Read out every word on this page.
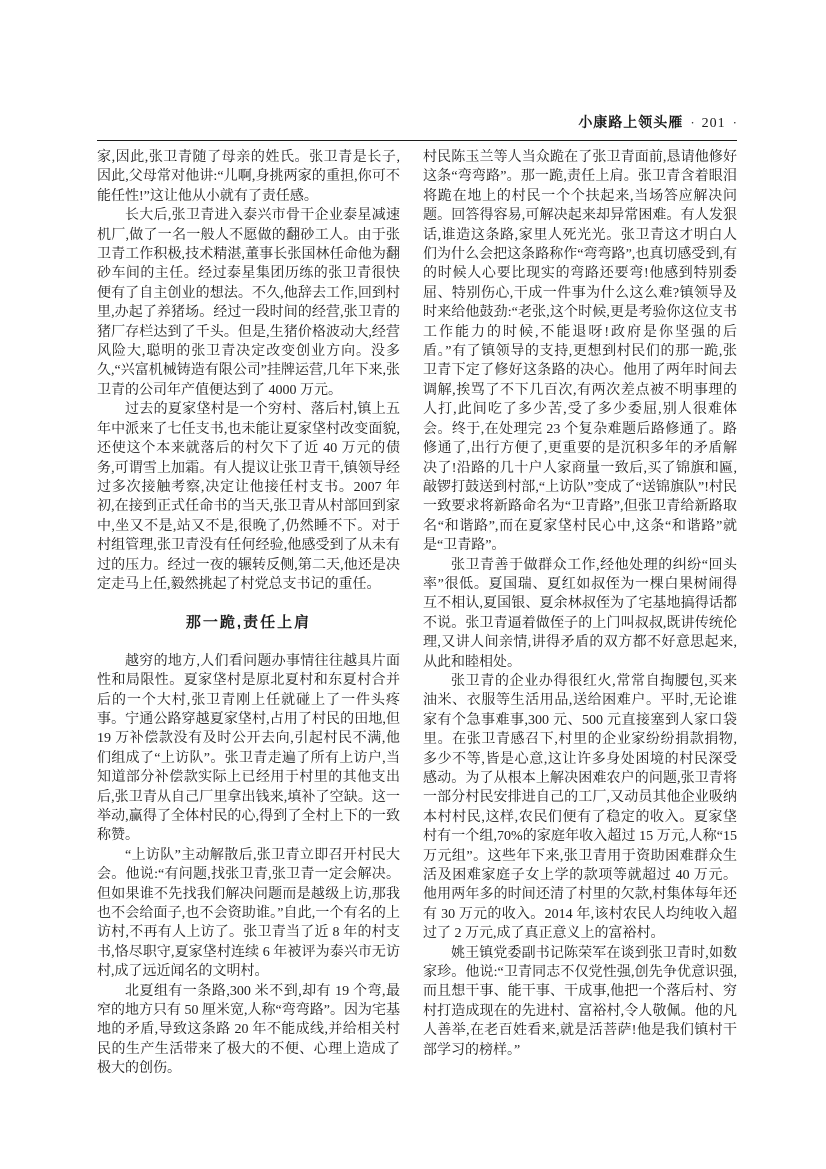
小康路上领头雁 · 201 ·

家,因此,张卫青随了母亲的姓氏。张卫青是长子,因此,父母常对他讲:“儿啊,身挑两家的重担,你可不能任性!”这让他从小就有了责任感。

长大后,张卫青进入泰兴市骨干企业泰星减速机厂,做了一名一般人不愿做的翻砂工人。由于张卫青工作积极,技术精湛,董事长张国林任命他为翻砂车间的主任。经过泰星集团历练的张卫青很快便有了自主创业的想法。不久,他辞去工作,回到村里,办起了养猪场。经过一段时间的经营,张卫青的猪厂存栏达到了千头。但是,生猪价格波动大,经营风险大,聪明的张卫青决定改变创业方向。没多久,“兴富机械铸造有限公司”挂牌运营,几年下来,张卫青的公司年产值便达到了 4000 万元。

过去的夏家垡村是一个穷村、落后村,镇上五年中派来了七任支书,也未能让夏家垡村改变面貌,还使这个本来就落后的村欠下了近 40 万元的债务,可谓雪上加霜。有人提议让张卫青干,镇领导经过多次接触考察,决定让他接任村支书。2007 年初,在接到正式任命书的当天,张卫青从村部回到家中,坐又不是,站又不是,很晚了,仍然睡不下。对于村组管理,张卫青没有任何经验,他感受到了从未有过的压力。经过一夜的辗转反侧,第二天,他还是决定走马上任,毅然挑起了村党总支书记的重任。

那一跪,责任上肩

越穷的地方,人们看问题办事情往往越具片面性和局限性。夏家垡村是原北夏村和东夏村合并后的一个大村,张卫青刚上任就碰上了一件头疼事。宁通公路穿越夏家垡村,占用了村民的田地,但 19 万补偿款没有及时公开去向,引起村民不满,他们组成了“上访队”。张卫青走遍了所有上访户,当知道部分补偿款实际上已经用于村里的其他支出后,张卫青从自己厂里拿出钱来,填补了空缺。这一举动,赢得了全体村民的心,得到了全村上下的一致称赞。

“上访队”主动解散后,张卫青立即召开村民大会。他说:“有问题,找张卫青,张卫青一定会解决。但如果谁不先找我们解决问题而是越级上访,那我也不会给面子,也不会资助谁。”自此,一个有名的上访村,不再有人上访了。张卫青当了近 8 年的村支书,恪尽职守,夏家垡村连续 6 年被评为泰兴市无访村,成了远近闻名的文明村。

北夏组有一条路,300 米不到,却有 19 个弯,最窄的地方只有 50 厘米宽,人称“弯弯路”。因为宅基地的矛盾,导致这条路 20 年不能成线,并给相关村民的生产生活带来了极大的不便、心理上造成了极大的创伤。

村民陈玉兰等人当众跪在了张卫青面前,恳请他修好这条“弯弯路”。那一跪,责任上肩。张卫青含着眼泪将跪在地上的村民一个个扶起来,当场答应解决问题。回答得容易,可解决起来却异常困难。有人发狠话,谁造这条路,家里人死光光。张卫青这才明白人们为什么会把这条路称作“弯弯路”,也真切感受到,有的时候人心要比现实的弯路还要弯!他感到特别委屈、特别伤心,干成一件事为什么这么难?镇领导及时来给他鼓劲:“老张,这个时候,更是考验你这位支书工作能力的时候,不能退呀!政府是你坚强的后盾。”有了镇领导的支持,更想到村民们的那一跪,张卫青下定了修好这条路的决心。他用了两年时间去调解,挨骂了不下几百次,有两次差点被不明事理的人打,此间吃了多少苦,受了多少委屈,别人很难体会。终于,在处理完 23 个复杂难题后路修通了。路修通了,出行方便了,更重要的是沉积多年的矛盾解决了!沿路的几十户人家商量一致后,买了锦旗和匾,敲锣打鼓送到村部,“上访队”变成了“送锦旗队”!村民一致要求将新路命名为“卫青路”,但张卫青给新路取名“和谐路”,而在夏家垡村民心中,这条“和谐路”就是“卫青路”。

张卫青善于做群众工作,经他处理的纠纷“回头率”很低。夏国瑞、夏红如叔侄为一棵白果树闹得互不相认,夏国银、夏余林叔侄为了宅基地搞得话都不说。张卫青逼着做侄子的上门叫叔叔,既讲传统伦理,又讲人间亲情,讲得矛盾的双方都不好意思起来,从此和睦相处。

张卫青的企业办得很红火,常常自掏腰包,买来油米、衣服等生活用品,送给困难户。平时,无论谁家有个急事难事,300 元、500 元直接塞到人家口袋里。在张卫青感召下,村里的企业家纷纷捐款捐物,多少不等,皆是心意,这让许多身处困境的村民深受感动。为了从根本上解决困难农户的问题,张卫青将一部分村民安排进自己的工厂,又动员其他企业吸纳本村村民,这样,农民们便有了稳定的收入。夏家垡村有一个组,70%的家庭年收入超过 15 万元,人称“15 万元组”。这些年下来,张卫青用于资助困难群众生活及困难家庭子女上学的款项等就超过 40 万元。他用两年多的时间还清了村里的欠款,村集体每年还有 30 万元的收入。2014 年,该村农民人均纯收入超过了 2 万元,成了真正意义上的富裕村。

姚王镇党委副书记陈荣军在谈到张卫青时,如数家珍。他说:“卫青同志不仅党性强,创先争优意识强,而且想干事、能干事、干成事,他把一个落后村、穷村打造成现在的先进村、富裕村,令人敬佩。他的凡人善举,在老百姓看来,就是活菩萨!他是我们镇村干部学习的榜样。”
